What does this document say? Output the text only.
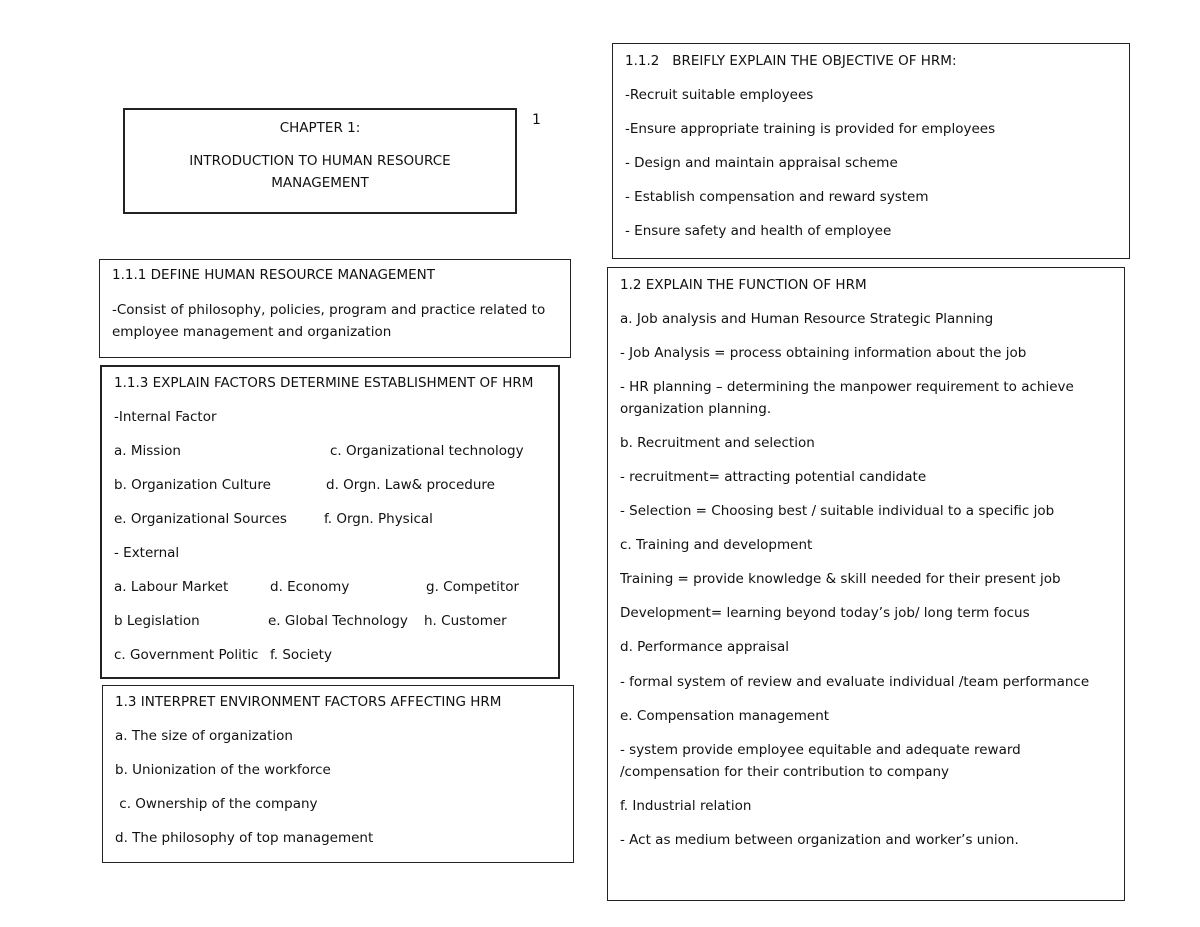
1
CHAPTER 1:
INTRODUCTION TO HUMAN RESOURCE MANAGEMENT
1.1.1 DEFINE HUMAN RESOURCE MANAGEMENT
-Consist of philosophy, policies, program and practice related to employee management and organization
1.1.3 EXPLAIN FACTORS DETERMINE ESTABLISHMENT OF HRM
-Internal Factor
a. Mission	c. Organizational technology
b. Organization Culture	d. Orgn. Law& procedure
e. Organizational Sources	f. Orgn. Physical
- External
a. Labour Market	d. Economy	g. Competitor
b Legislation	e. Global Technology h. Customer
c. Government Politic f. Society
1.3 INTERPRET ENVIRONMENT FACTORS AFFECTING HRM
a. The size of organization
b. Unionization of the workforce
c. Ownership of the company
d. The philosophy of top management
1.1.2   BREIFLY EXPLAIN THE OBJECTIVE OF HRM:
-Recruit suitable employees
-Ensure appropriate training is provided for employees
- Design and maintain appraisal scheme
- Establish compensation and reward system
- Ensure safety and health of employee
1.2 EXPLAIN THE FUNCTION OF HRM
a. Job analysis and Human Resource Strategic Planning
- Job Analysis = process obtaining information about the job
- HR planning – determining the manpower requirement to achieve organization planning.
b. Recruitment and selection
- recruitment= attracting potential candidate
- Selection = Choosing best / suitable individual to a specific job
c. Training and development
Training = provide knowledge & skill needed for their present job
Development= learning beyond today’s job/ long term focus
d. Performance appraisal
- formal system of review and evaluate individual /team performance
e. Compensation management
- system provide employee equitable and adequate reward /compensation for their contribution to company
f. Industrial relation
- Act as medium between organization and worker’s union.
